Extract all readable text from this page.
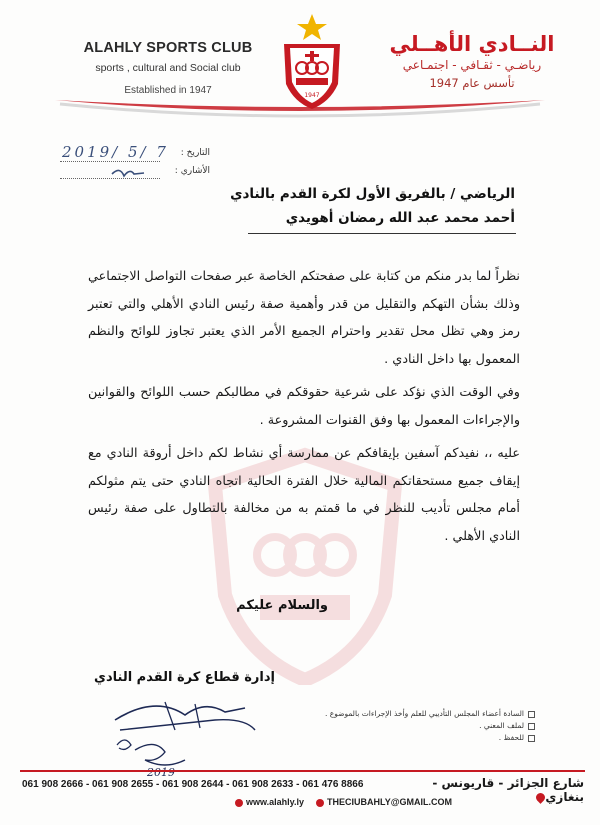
ALAHLY SPORTS CLUB
sports , cultural and Social club
Established in 1947	1947
النــادي الأهــلي
رياضـي - ثقـافي - اجتمـاعي
تأسس عام 1947
2019/ 5/ 7 التاريخ :
الأشاري :
الرياضي / بالفريق الأول لكرة القدم بالنادي
أحمد محمد عبد الله رمضان أهويدي

نظراً لما بدر منكم من كتابة على صفحتكم الخاصة عبر صفحات التواصل الاجتماعي وذلك بشأن التهكم والتقليل من قدر وأهمية صفة رئيس النادي الأهلي والتي تعتبر رمز وهي تظل محل تقدير واحترام الجميع الأمر الذي يعتبر تجاوز للوائح والنظم المعمول بها داخل النادي .

وفي الوقت الذي نؤكد على شرعية حقوقكم في مطالبكم حسب اللوائح والقوانين والإجراءات المعمول بها وفق القنوات المشروعة .

عليه ،، نفيدكم آسفين بإيقافكم عن ممارسة أي نشاط لكم داخل أروقة النادي مع إيقاف جميع مستحقاتكم المالية خلال الفترة الحالية اتجاه النادي حتى يتم مثولكم أمام مجلس تأديب للنظر في ما قمتم به من مخالفة بالتطاول على صفة رئيس النادي الأهلي .

والسلام عليكم
إدارة قطاع كرة القدم النادي
2019
السادة أعضاء المجلس التأديبي للعلم وأخذ الإجراءات بالموضوع .
لملف المعني .
للحفظ .
061 908 2666 - 061 908 2655 - 061 908 2644 - 061 908 2633 - 061 476 8866	شارع الجزائر - قاريونس - بنغازي
www.alahly.ly	THECIUBAHLY@GMAIL.COM
